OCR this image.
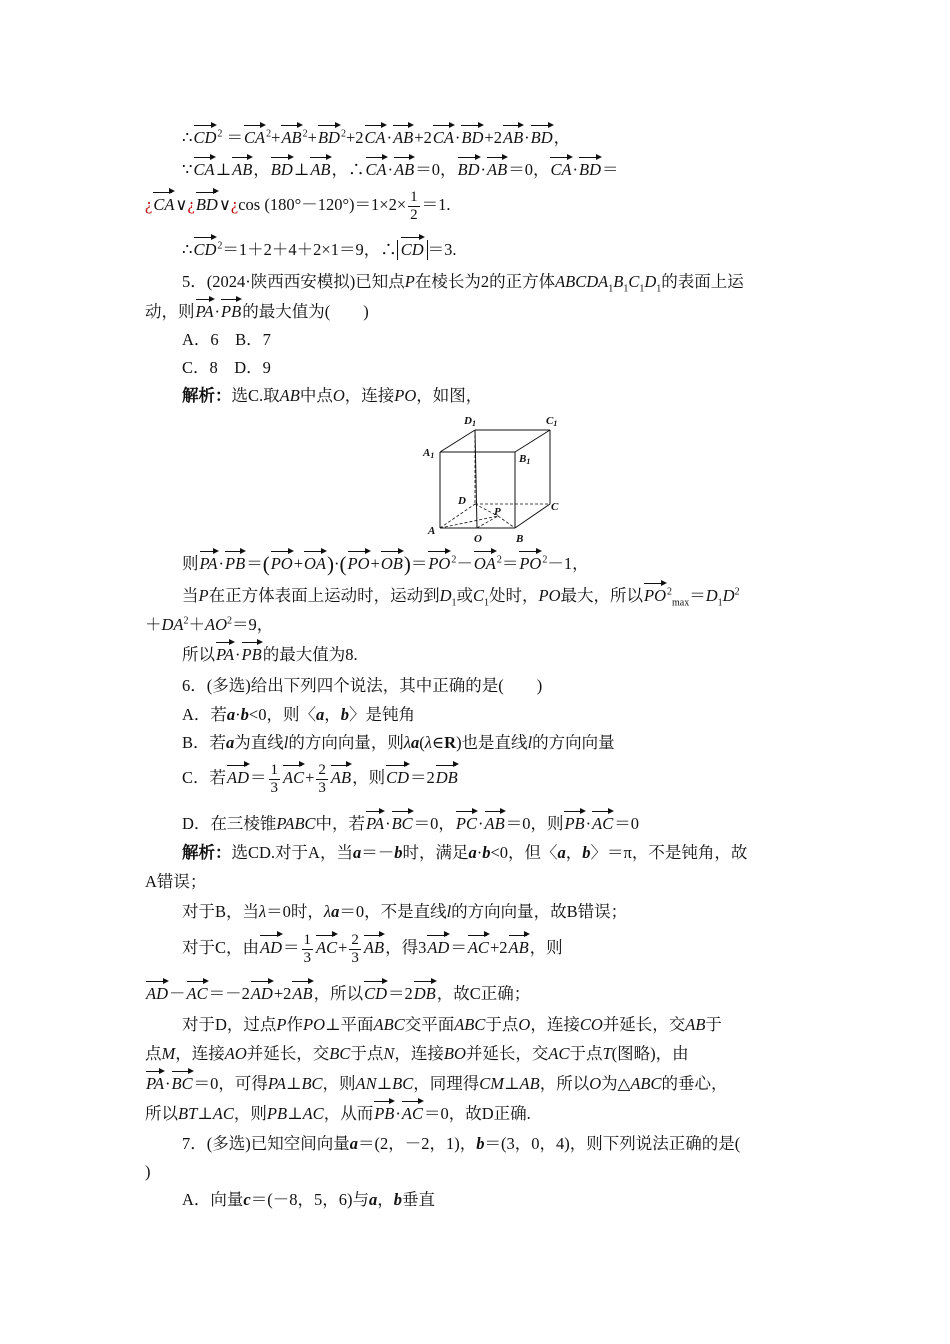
$\therefore CD^2 =CA^2+AB^2+BD^2+2CA\cdot AB+2CA\cdot BD+2AB\cdot BD$，
∵CA⊥AB，BD⊥AB，∴CA·AB＝0，BD·AB＝0，CA·BD＝
¿CA∨¿BD∨¿cos $(180^\circ-120^\circ)=1\times 2\times \frac{1}{2} =1$.
$\therefore CD^2=1+2+4+2\times 1=9$，∴ CD ＝3.
5．(2024·陕西西安模拟)已知点P在棱长为2的正方体$ABCDA_1B_1C_1D_1$的表面上运
动，则PA·PB的最大值为(　　)
A．6　 B．7
C．8　 D．9
解析：选C.取AB中点O，连接PO，如图，
D1	C1
A1	B1
D	C
P
A
O	B
则$PA\cdot PB=(PO+OA)\cdot(PO+OB)=PO^2-OA^2=PO^2-1$，
当P在正方体表面上运动时，运动到$D_1$或$C_1$处时，PO最大，所以$PO^2_{max}=D_1D^2$
$+DA^2+AO^2=9$，
所以PA·PB的最大值为8.
6．(多选)给出下列四个说法，其中正确的是(　　)
A．若a·b<0，则〈a，b〉是钝角
B．若a为直线l的方向向量，则λa(λ∈R)也是直线l的方向向量
C．若$AD= \frac{1}{3} AC+ \frac{2}{3}$ AB，则CD＝2DB
D．在三棱锥PABC中，若PA·BC＝0，PC·AB＝0，则PB·AC＝0
解析：选CD.对于A，当a＝－b时，满足a·b<0，但〈a，b〉＝π，不是钝角，故
A错误；
对于B，当λ＝0时，λa＝0，不是直线l的方向向量，故B错误；
对于C，由$AD= \frac{1}{3} AC+ \frac{2}{3}$ AB，得3AD＝AC+2AB，则
AD－AC＝－2AD+2AB，所以CD＝2DB，故C正确；
对于D，过点P作PO⊥平面ABC交平面ABC于点O，连接CO并延长，交AB于
点M，连接AO并延长，交BC于点N，连接BO并延长，交AC于点T(图略)，由
PA·BC＝0，可得PA⊥BC，则AN⊥BC，同理得CM⊥AB，所以O为△ABC的垂心，
所以BT⊥AC，则PB⊥AC，从而PB·AC＝0，故D正确.
7．(多选)已知空间向量a＝(2，－2，1)，b＝(3，0，4)，则下列说法正确的是(
)
A．向量c＝(－8，5，6)与a，b垂直
